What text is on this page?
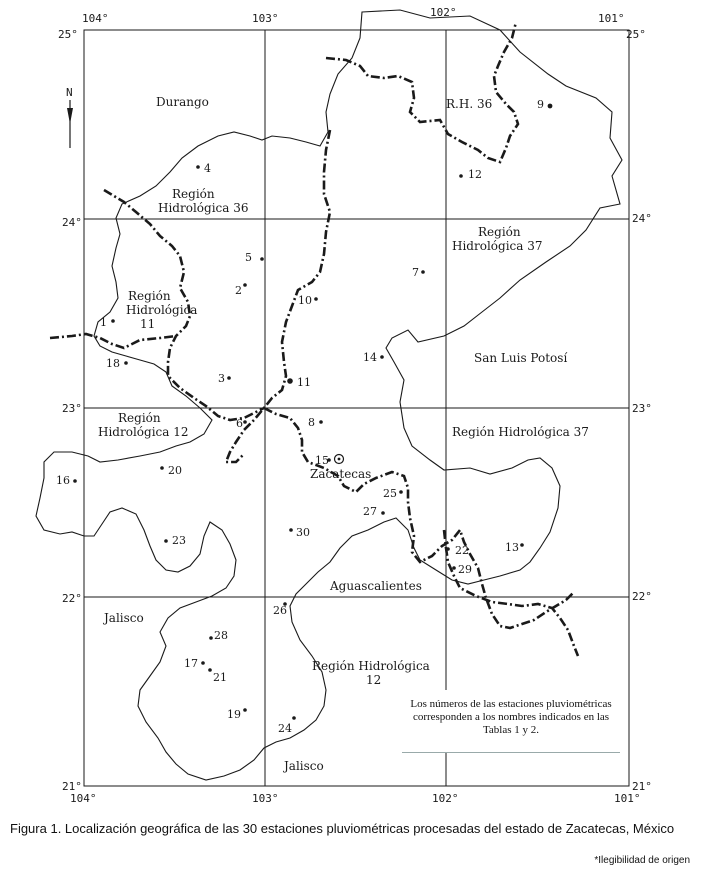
N
104°	103°	102°	101°
104°	103°	102°	101°
25°
24°
23°
22°
21°
25°
24°
23°
22°
21°
Durango
San Luis Potosí
Aguascalientes
Jalisco
Jalisco
R.H. 36
Región
Hidrológica 36
Región
Hidrológica
11
Región
Hidrológica 12
Región
Hidrológica 37
Región Hidrológica 37
Región Hidrológica
12
Zacatecas
1
2
3
4
5
6
7
8
9
10
11
12
13
14
15
16
17
18
19
20
21
22
23
24
25
26
27
28
29
30
Los números de las estaciones pluviométricas corresponden a los nombres indicados en las Tablas 1 y 2.
Figura 1. Localización geográfica de las 30 estaciones pluviométricas procesadas del estado de Zacatecas, México
*Ilegibilidad de origen
